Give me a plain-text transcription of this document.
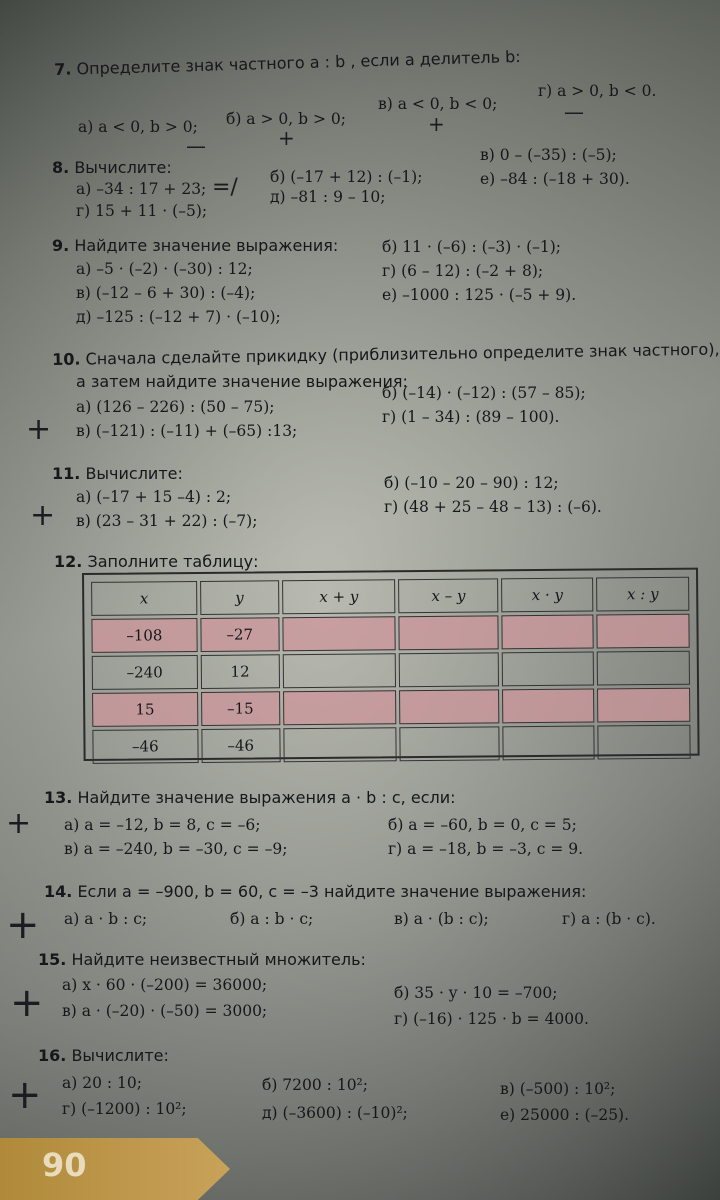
7. Определите знак частного a : b , если a делитель b:
а) a < 0, b > 0; б) a > 0, b > 0;
в) a < 0, b < 0;
г) a > 0, b < 0.
—	+
+	—
8. Вычислите:
а) –34 : 17 + 23;
б) (–17 + 12) : (–1);
в) 0 – (–35) : (–5);
г) 15 + 11 · (–5);
д) –81 : 9 – 10;
е) –84 : (–18 + 30).
=/
9. Найдите значение выражения:
а) –5 · (–2) · (–30) : 12;
б) 11 · (–6) : (–3) · (–1);
в) (–12 – 6 + 30) : (–4);
г) (6 – 12) : (–2 + 8);
д) –125 : (–12 + 7) · (–10);
е) –1000 : 125 · (–5 + 9).
10. Сначала сделайте прикидку (приблизительно определите знак частного),
а затем найдите значение выражения:
а) (126 – 226) : (50 – 75);
б) (–14) · (–12) : (57 – 85);
в) (–121) : (–11) + (–65) :13;
г) (1 – 34) : (89 – 100).
+
11. Вычислите:
а) (–17 + 15 –4) : 2;
б) (–10 – 20 – 90) : 12;
в) (23 – 31 + 22) : (–7);
г) (48 + 25 – 48 – 13) : (–6).
+
12. Заполните таблицу:
x	y	x + y	x – y	x · y	x : y
–108	–27				
–240	12				
15	–15				
–46	–46				
13. Найдите значение выражения a · b : c, если:
а) a = –12, b = 8, c = –6;	б) a = –60, b = 0, c = 5;
в) a = –240, b = –30, c = –9;	г) a = –18, b = –3, c = 9.
+
14. Если a = –900, b = 60, c = –3 найдите значение выражения:
а) a · b : c;	б) a : b · c;	в) a · (b : c);	г) a : (b · c).
+
15. Найдите неизвестный множитель:
а) x · 60 · (–200) = 36000;	б) 35 · y · 10 = –700;
в) a · (–20) · (–50) = 3000;	г) (–16) · 125 · b = 4000.
+
16. Вычислите:
а) 20 : 10;	б) 7200 : 10²;	в) (–500) : 10²;
г) (–1200) : 10²;	д) (–3600) : (–10)²;	е) 25000 : (–25).
+
90
